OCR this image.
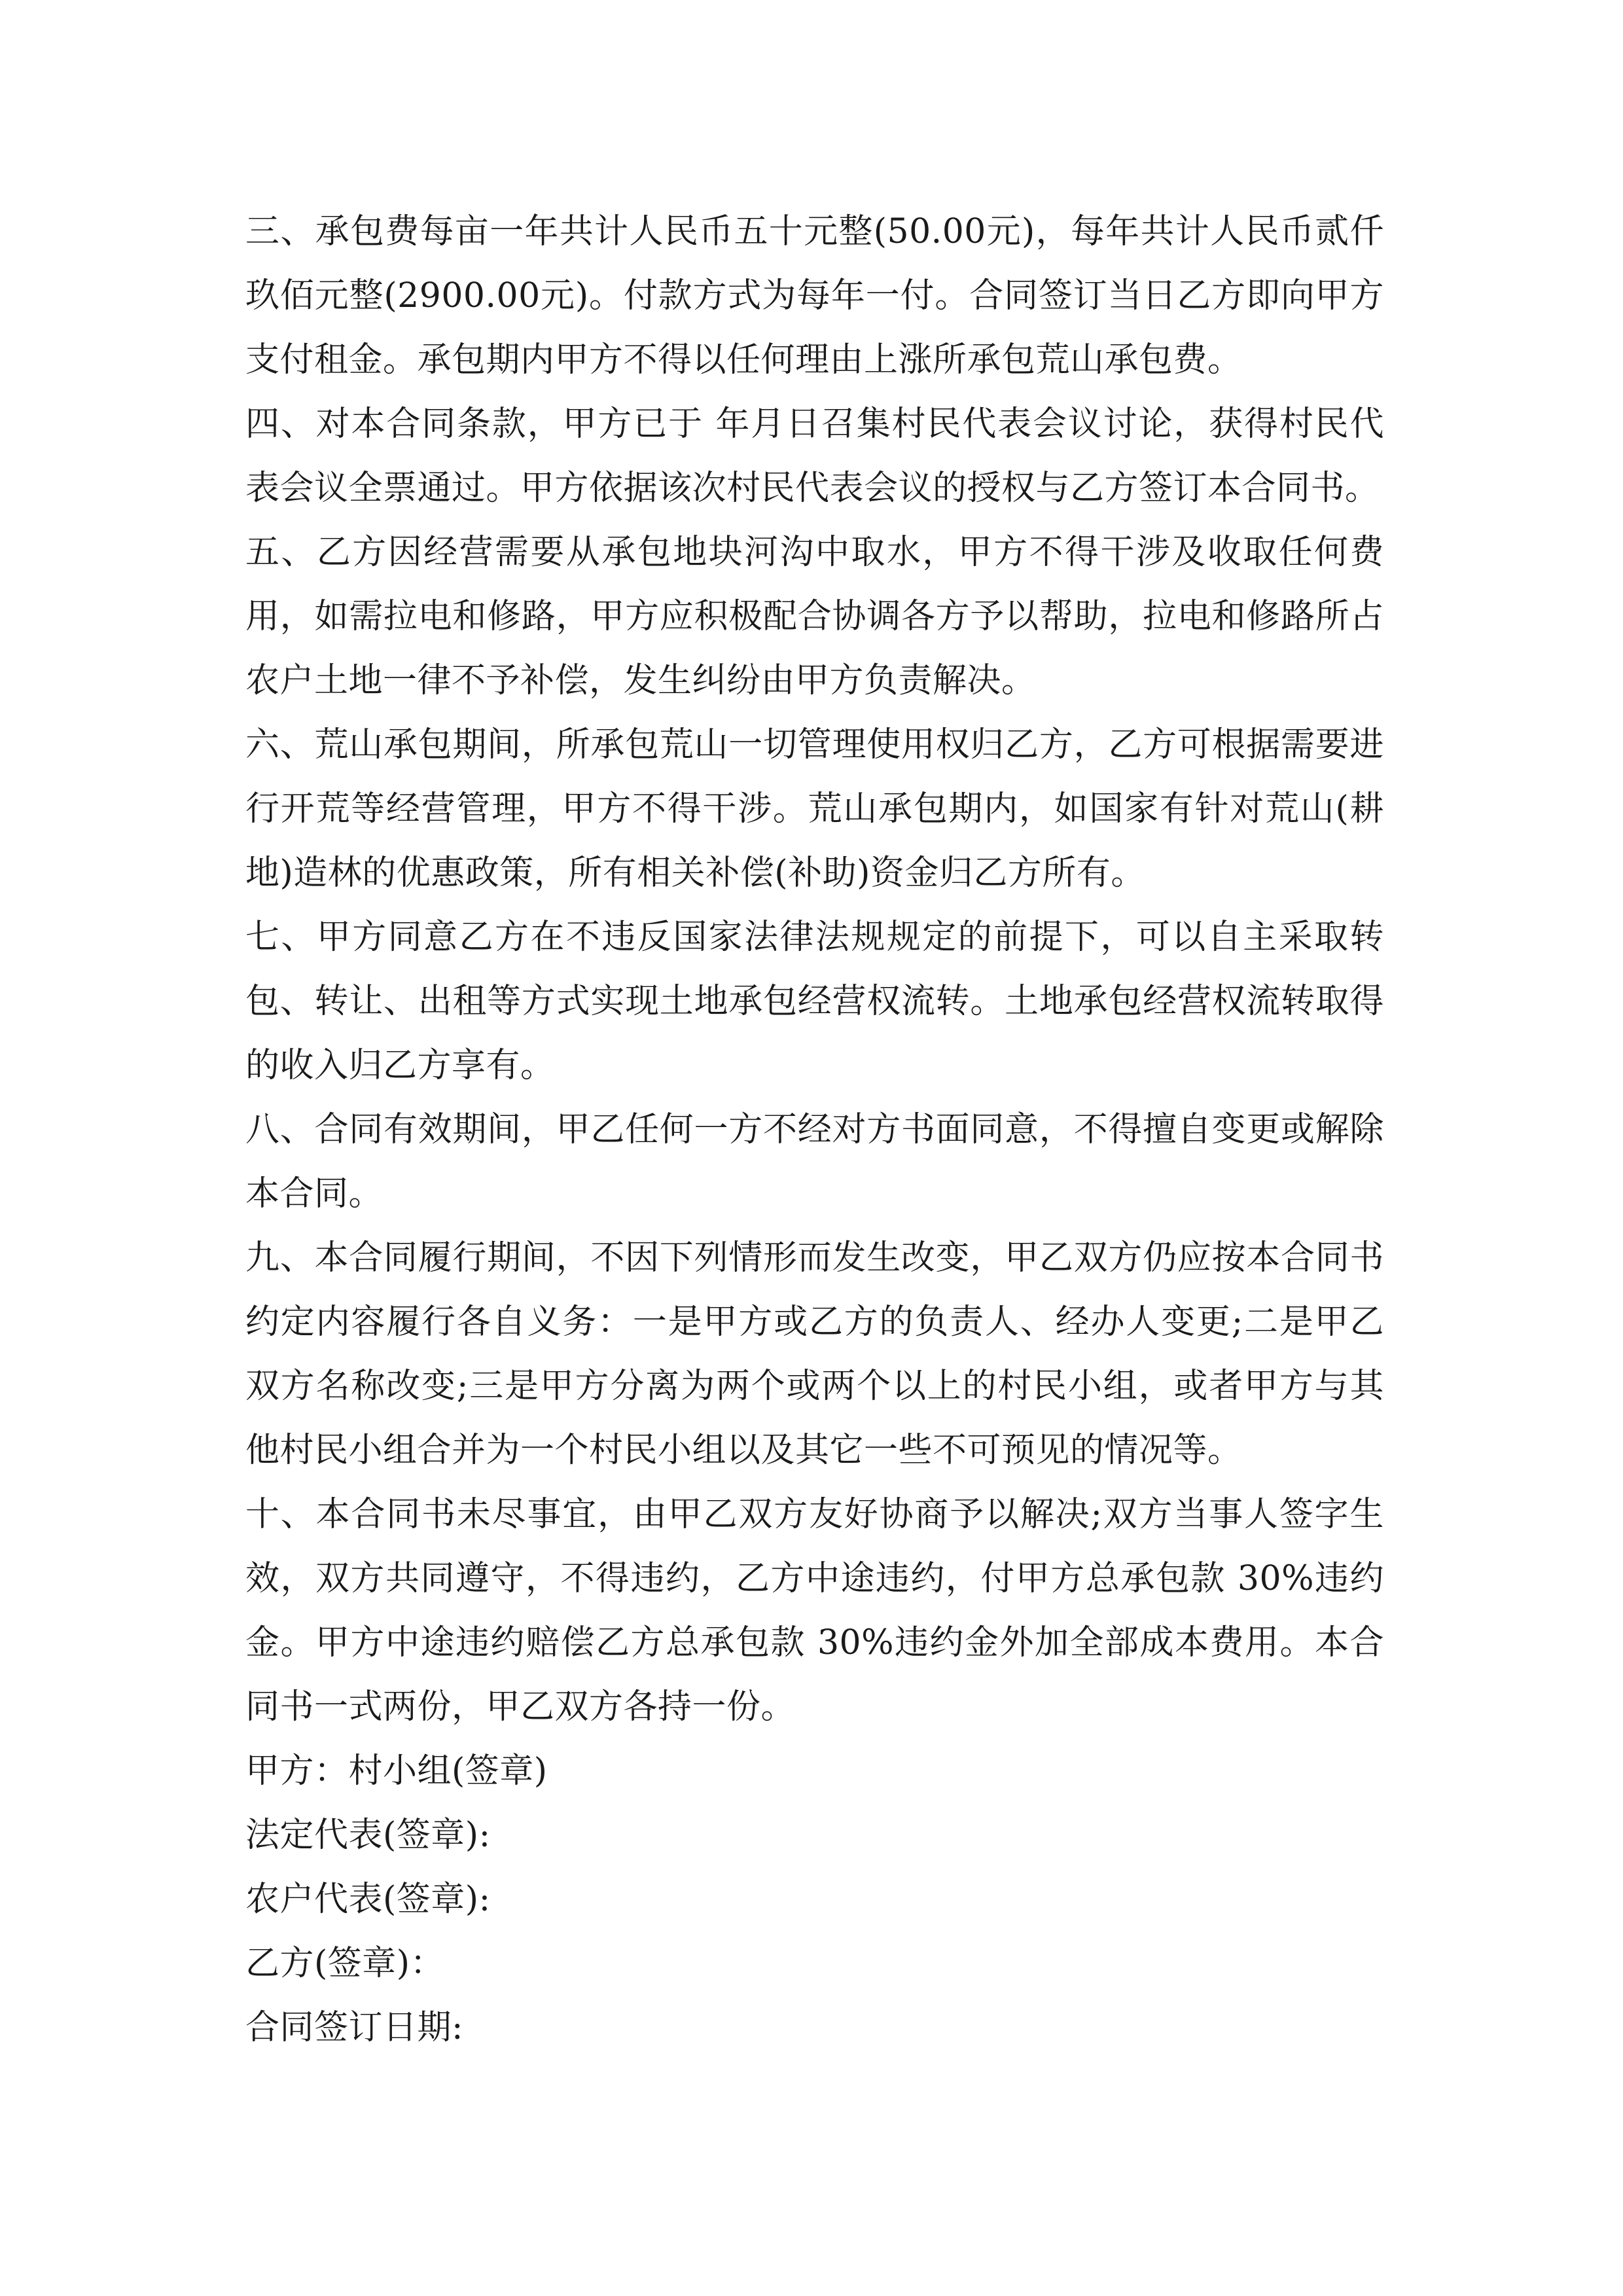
三、承包费每亩一年共计人民币五十元整(50.00元)，每年共计人民币贰仟玖佰元整(2900.00元)。付款方式为每年一付。合同签订当日乙方即向甲方支付租金。承包期内甲方不得以任何理由上涨所承包荒山承包费。

四、对本合同条款，甲方已于 年月日召集村民代表会议讨论，获得村民代表会议全票通过。甲方依据该次村民代表会议的授权与乙方签订本合同书。

五、乙方因经营需要从承包地块河沟中取水，甲方不得干涉及收取任何费用，如需拉电和修路，甲方应积极配合协调各方予以帮助，拉电和修路所占农户土地一律不予补偿，发生纠纷由甲方负责解决。

六、荒山承包期间，所承包荒山一切管理使用权归乙方，乙方可根据需要进行开荒等经营管理，甲方不得干涉。荒山承包期内，如国家有针对荒山(耕地)造林的优惠政策，所有相关补偿(补助)资金归乙方所有。

七、甲方同意乙方在不违反国家法律法规规定的前提下，可以自主采取转包、转让、出租等方式实现土地承包经营权流转。土地承包经营权流转取得的收入归乙方享有。

八、合同有效期间，甲乙任何一方不经对方书面同意，不得擅自变更或解除本合同。

九、本合同履行期间，不因下列情形而发生改变，甲乙双方仍应按本合同书约定内容履行各自义务：一是甲方或乙方的负责人、经办人变更;二是甲乙双方名称改变;三是甲方分离为两个或两个以上的村民小组，或者甲方与其他村民小组合并为一个村民小组以及其它一些不可预见的情况等。

十、本合同书未尽事宜，由甲乙双方友好协商予以解决;双方当事人签字生效，双方共同遵守，不得违约，乙方中途违约，付甲方总承包款 30%违约金。甲方中途违约赔偿乙方总承包款 30%违约金外加全部成本费用。本合同书一式两份，甲乙双方各持一份。

甲方：村小组(签章)

法定代表(签章):

农户代表(签章):

乙方(签章)：

合同签订日期:
